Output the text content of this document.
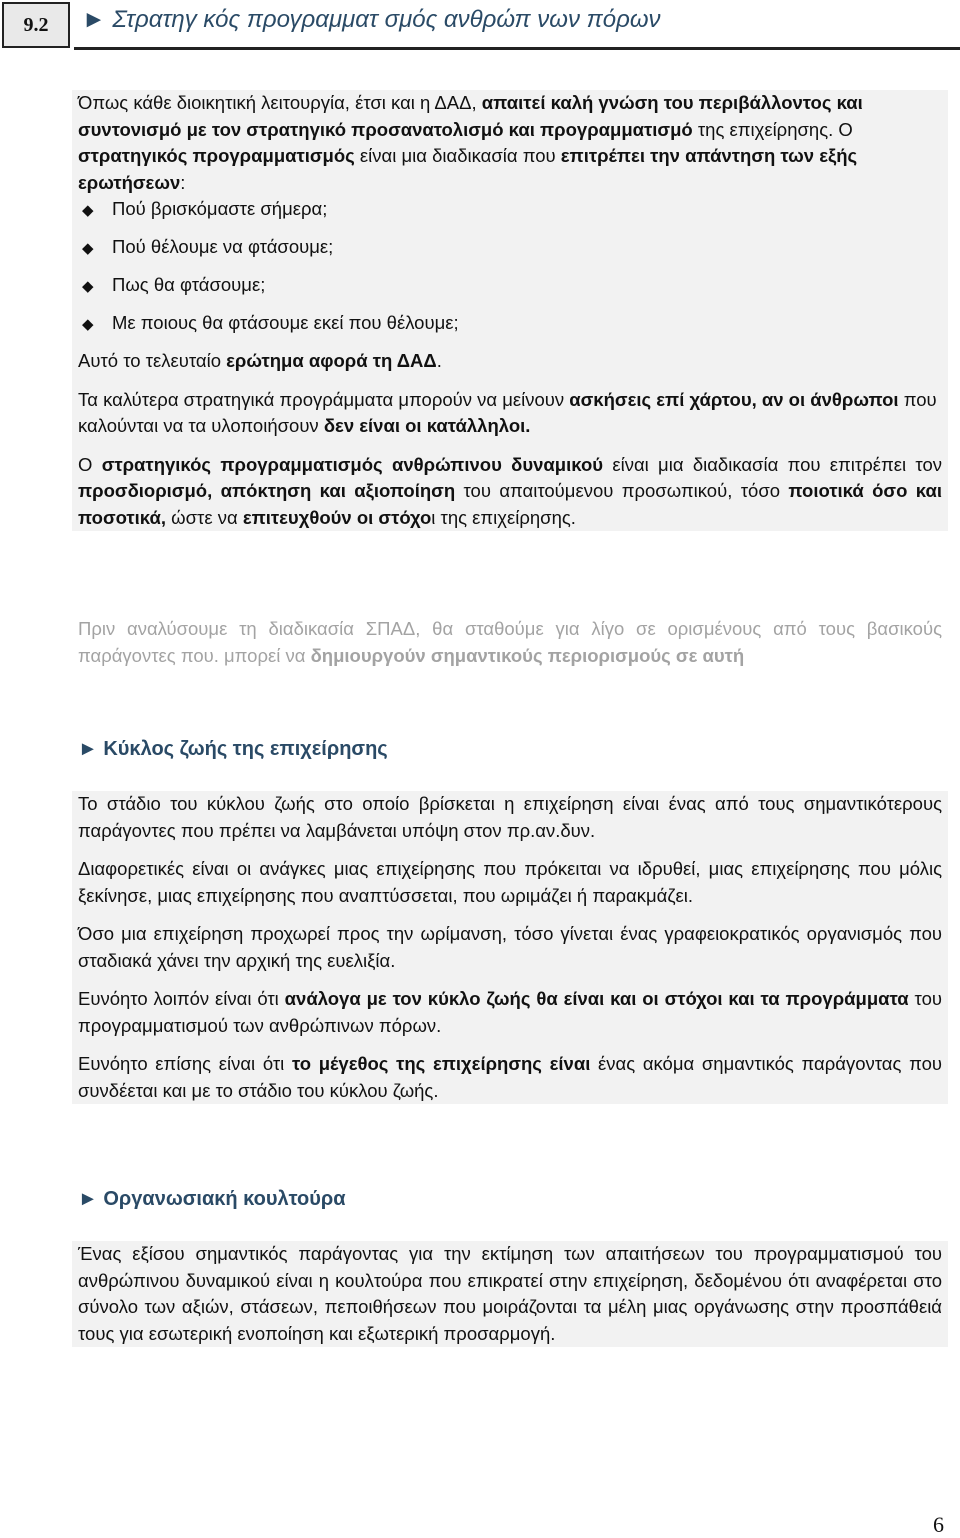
9.2	► Στρατηγ κός προγραμματ σμός ανθρώπ νων πόρων
Όπως κάθε διοικητική λειτουργία, έτσι και η ΔΑΔ, απαιτεί καλή γνώση του περιβάλλοντος και συντονισμό με τον στρατηγικό προσανατολισμό και προγραμματισμό της επιχείρησης. Ο στρατηγικός προγραμματισμός είναι μια διαδικασία που επιτρέπει την απάντηση των εξής ερωτήσεων:
◆ Πού βρισκόμαστε σήμερα;
◆ Πού θέλουμε να φτάσουμε;
◆ Πως θα φτάσουμε;
◆ Με ποιους θα φτάσουμε εκεί που θέλουμε;
Αυτό το τελευταίο ερώτημα αφορά τη ΔΑΔ.
Τα καλύτερα στρατηγικά προγράμματα μπορούν να μείνουν ασκήσεις επί χάρτου, αν οι άνθρωποι που καλούνται να τα υλοποιήσουν δεν είναι οι κατάλληλοι.
Ο στρατηγικός προγραμματισμός ανθρώπινου δυναμικού είναι μια διαδικασία που επιτρέπει τον προσδιορισμό, απόκτηση και αξιοποίηση του απαιτούμενου προσωπικού, τόσο ποιοτικά όσο και ποσοτικά, ώστε να επιτευχθούν οι στόχοι της επιχείρησης.
Πριν αναλύσουμε τη διαδικασία ΣΠΑΔ, θα σταθούμε για λίγο σε ορισμένους από τους βασικούς παράγοντες που. μπορεί να δημιουργούν σημαντικούς περιορισμούς σε αυτή
► Κύκλος ζωής της επιχείρησης
Το στάδιο του κύκλου ζωής στο οποίο βρίσκεται η επιχείρηση είναι ένας από τους σημαντικότερους παράγοντες που πρέπει να λαμβάνεται υπόψη στον πρ.αν.δυν.
Διαφορετικές είναι οι ανάγκες μιας επιχείρησης που πρόκειται να ιδρυθεί, μιας επιχείρησης που μόλις ξεκίνησε, μιας επιχείρησης που αναπτύσσεται, που ωριμάζει ή παρακμάζει.
Όσο μια επιχείρηση προχωρεί προς την ωρίμανση, τόσο γίνεται ένας γραφειοκρατικός οργανισμός που σταδιακά χάνει την αρχική της ευελιξία.
Ευνόητο λοιπόν είναι ότι ανάλογα με τον κύκλο ζωής θα είναι και οι στόχοι και τα προγράμματα του προγραμματισμού των ανθρώπινων πόρων.
Ευνόητο επίσης είναι ότι το μέγεθος της επιχείρησης είναι ένας ακόμα σημαντικός παράγοντας που συνδέεται και με το στάδιο του κύκλου ζωής.
► Οργανωσιακή κουλτούρα
Ένας εξίσου σημαντικός παράγοντας για την εκτίμηση των απαιτήσεων του προγραμματισμού του ανθρώπινου δυναμικού είναι η κουλτούρα που επικρατεί στην επιχείρηση, δεδομένου ότι αναφέρεται στο σύνολο των αξιών, στάσεων, πεποιθήσεων που μοιράζονται τα μέλη μιας οργάνωσης στην προσπάθειά τους για εσωτερική ενοποίηση και εξωτερική προσαρμογή.
6
